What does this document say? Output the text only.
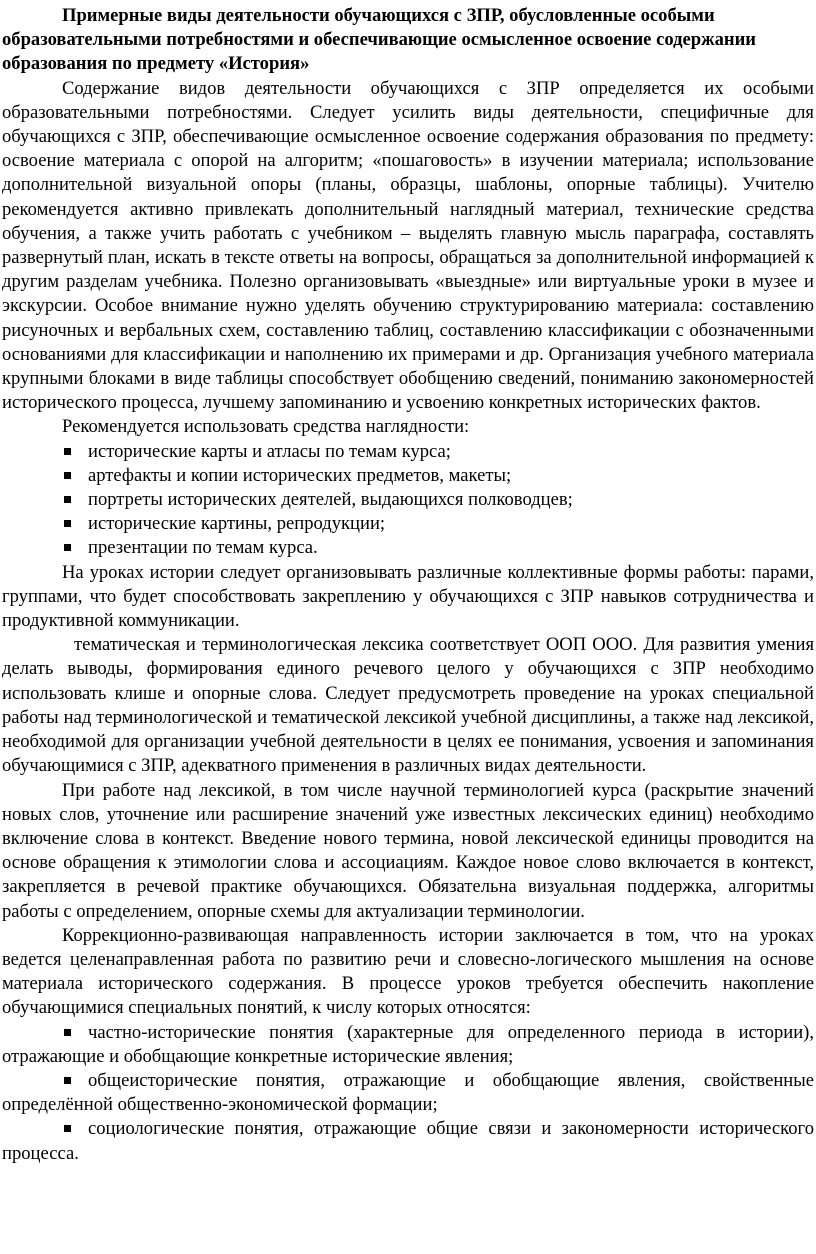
Примерные виды деятельности обучающихся с ЗПР, обусловленные особыми образовательными потребностями и обеспечивающие осмысленное освоение содержании образования по предмету «История»

Содержание видов деятельности обучающихся с ЗПР определяется их особыми образовательными потребностями. Следует усилить виды деятельности, специфичные для обучающихся с ЗПР, обеспечивающие осмысленное освоение содержания образования по предмету: освоение материала с опорой на алгоритм; «пошаговость» в изучении материала; использование дополнительной визуальной опоры (планы, образцы, шаблоны, опорные таблицы). Учителю рекомендуется активно привлекать дополнительный наглядный материал, технические средства обучения, а также учить работать с учебником – выделять главную мысль параграфа, составлять развернутый план, искать в тексте ответы на вопросы, обращаться за дополнительной информацией к другим разделам учебника. Полезно организовывать «выездные» или виртуальные уроки в музее и экскурсии. Особое внимание нужно уделять обучению структурированию материала: составлению рисуночных и вербальных схем, составлению таблиц, составлению классификации с обозначенными основаниями для классификации и наполнению их примерами и др. Организация учебного материала крупными блоками в виде таблицы способствует обобщению сведений, пониманию закономерностей исторического процесса, лучшему запоминанию и усвоению конкретных исторических фактов.

Рекомендуется использовать средства наглядности:

исторические карты и атласы по темам курса;
артефакты и копии исторических предметов, макеты;
портреты исторических деятелей, выдающихся полководцев;
исторические картины, репродукции;
презентации по темам курса.

На уроках истории следует организовывать различные коллективные формы работы: парами, группами, что будет способствовать закреплению у обучающихся с ЗПР навыков сотрудничества и продуктивной коммуникации.

тематическая и терминологическая лексика соответствует ООП ООО. Для развития умения делать выводы, формирования единого речевого целого у обучающихся с ЗПР необходимо использовать клише и опорные слова. Следует предусмотреть проведение на уроках специальной работы над терминологической и тематической лексикой учебной дисциплины, а также над лексикой, необходимой для организации учебной деятельности в целях ее понимания, усвоения и запоминания обучающимися с ЗПР, адекватного применения в различных видах деятельности.

При работе над лексикой, в том числе научной терминологией курса (раскрытие значений новых слов, уточнение или расширение значений уже известных лексических единиц) необходимо включение слова в контекст. Введение нового термина, новой лексической единицы проводится на основе обращения к этимологии слова и ассоциациям. Каждое новое слово включается в контекст, закрепляется в речевой практике обучающихся. Обязательна визуальная поддержка, алгоритмы работы с определением, опорные схемы для актуализации терминологии.

Коррекционно-развивающая направленность истории заключается в том, что на уроках ведется целенаправленная работа по развитию речи и словесно-логического мышления на основе материала исторического содержания. В процессе уроков требуется обеспечить накопление обучающимися специальных понятий, к числу которых относятся:

частно-исторические понятия (характерные для определенного периода в истории), отражающие и обобщающие конкретные исторические явления;

общеисторические понятия, отражающие и обобщающие явления, свойственные определённой общественно-экономической формации;

социологические понятия, отражающие общие связи и закономерности исторического процесса.
